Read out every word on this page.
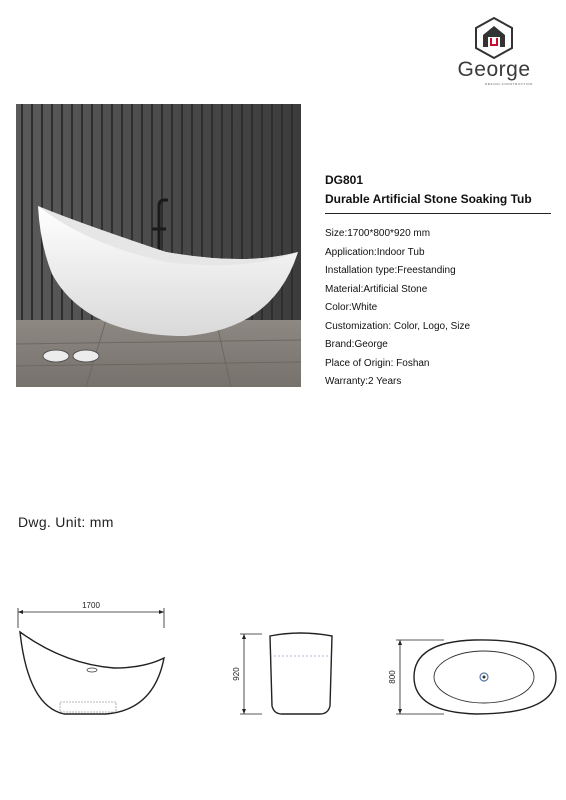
George
DESIGN CONSTRUCTION

DG801

Durable Artificial Stone Soaking Tub

Size:1700*800*920 mm
Application:Indoor Tub
Installation type:Freestanding
Material:Artificial Stone
Color:White
Customization: Color, Logo, Size
Brand:George
Place of Origin: Foshan
Warranty:2 Years
Dwg. Unit: mm
1700
920	800
